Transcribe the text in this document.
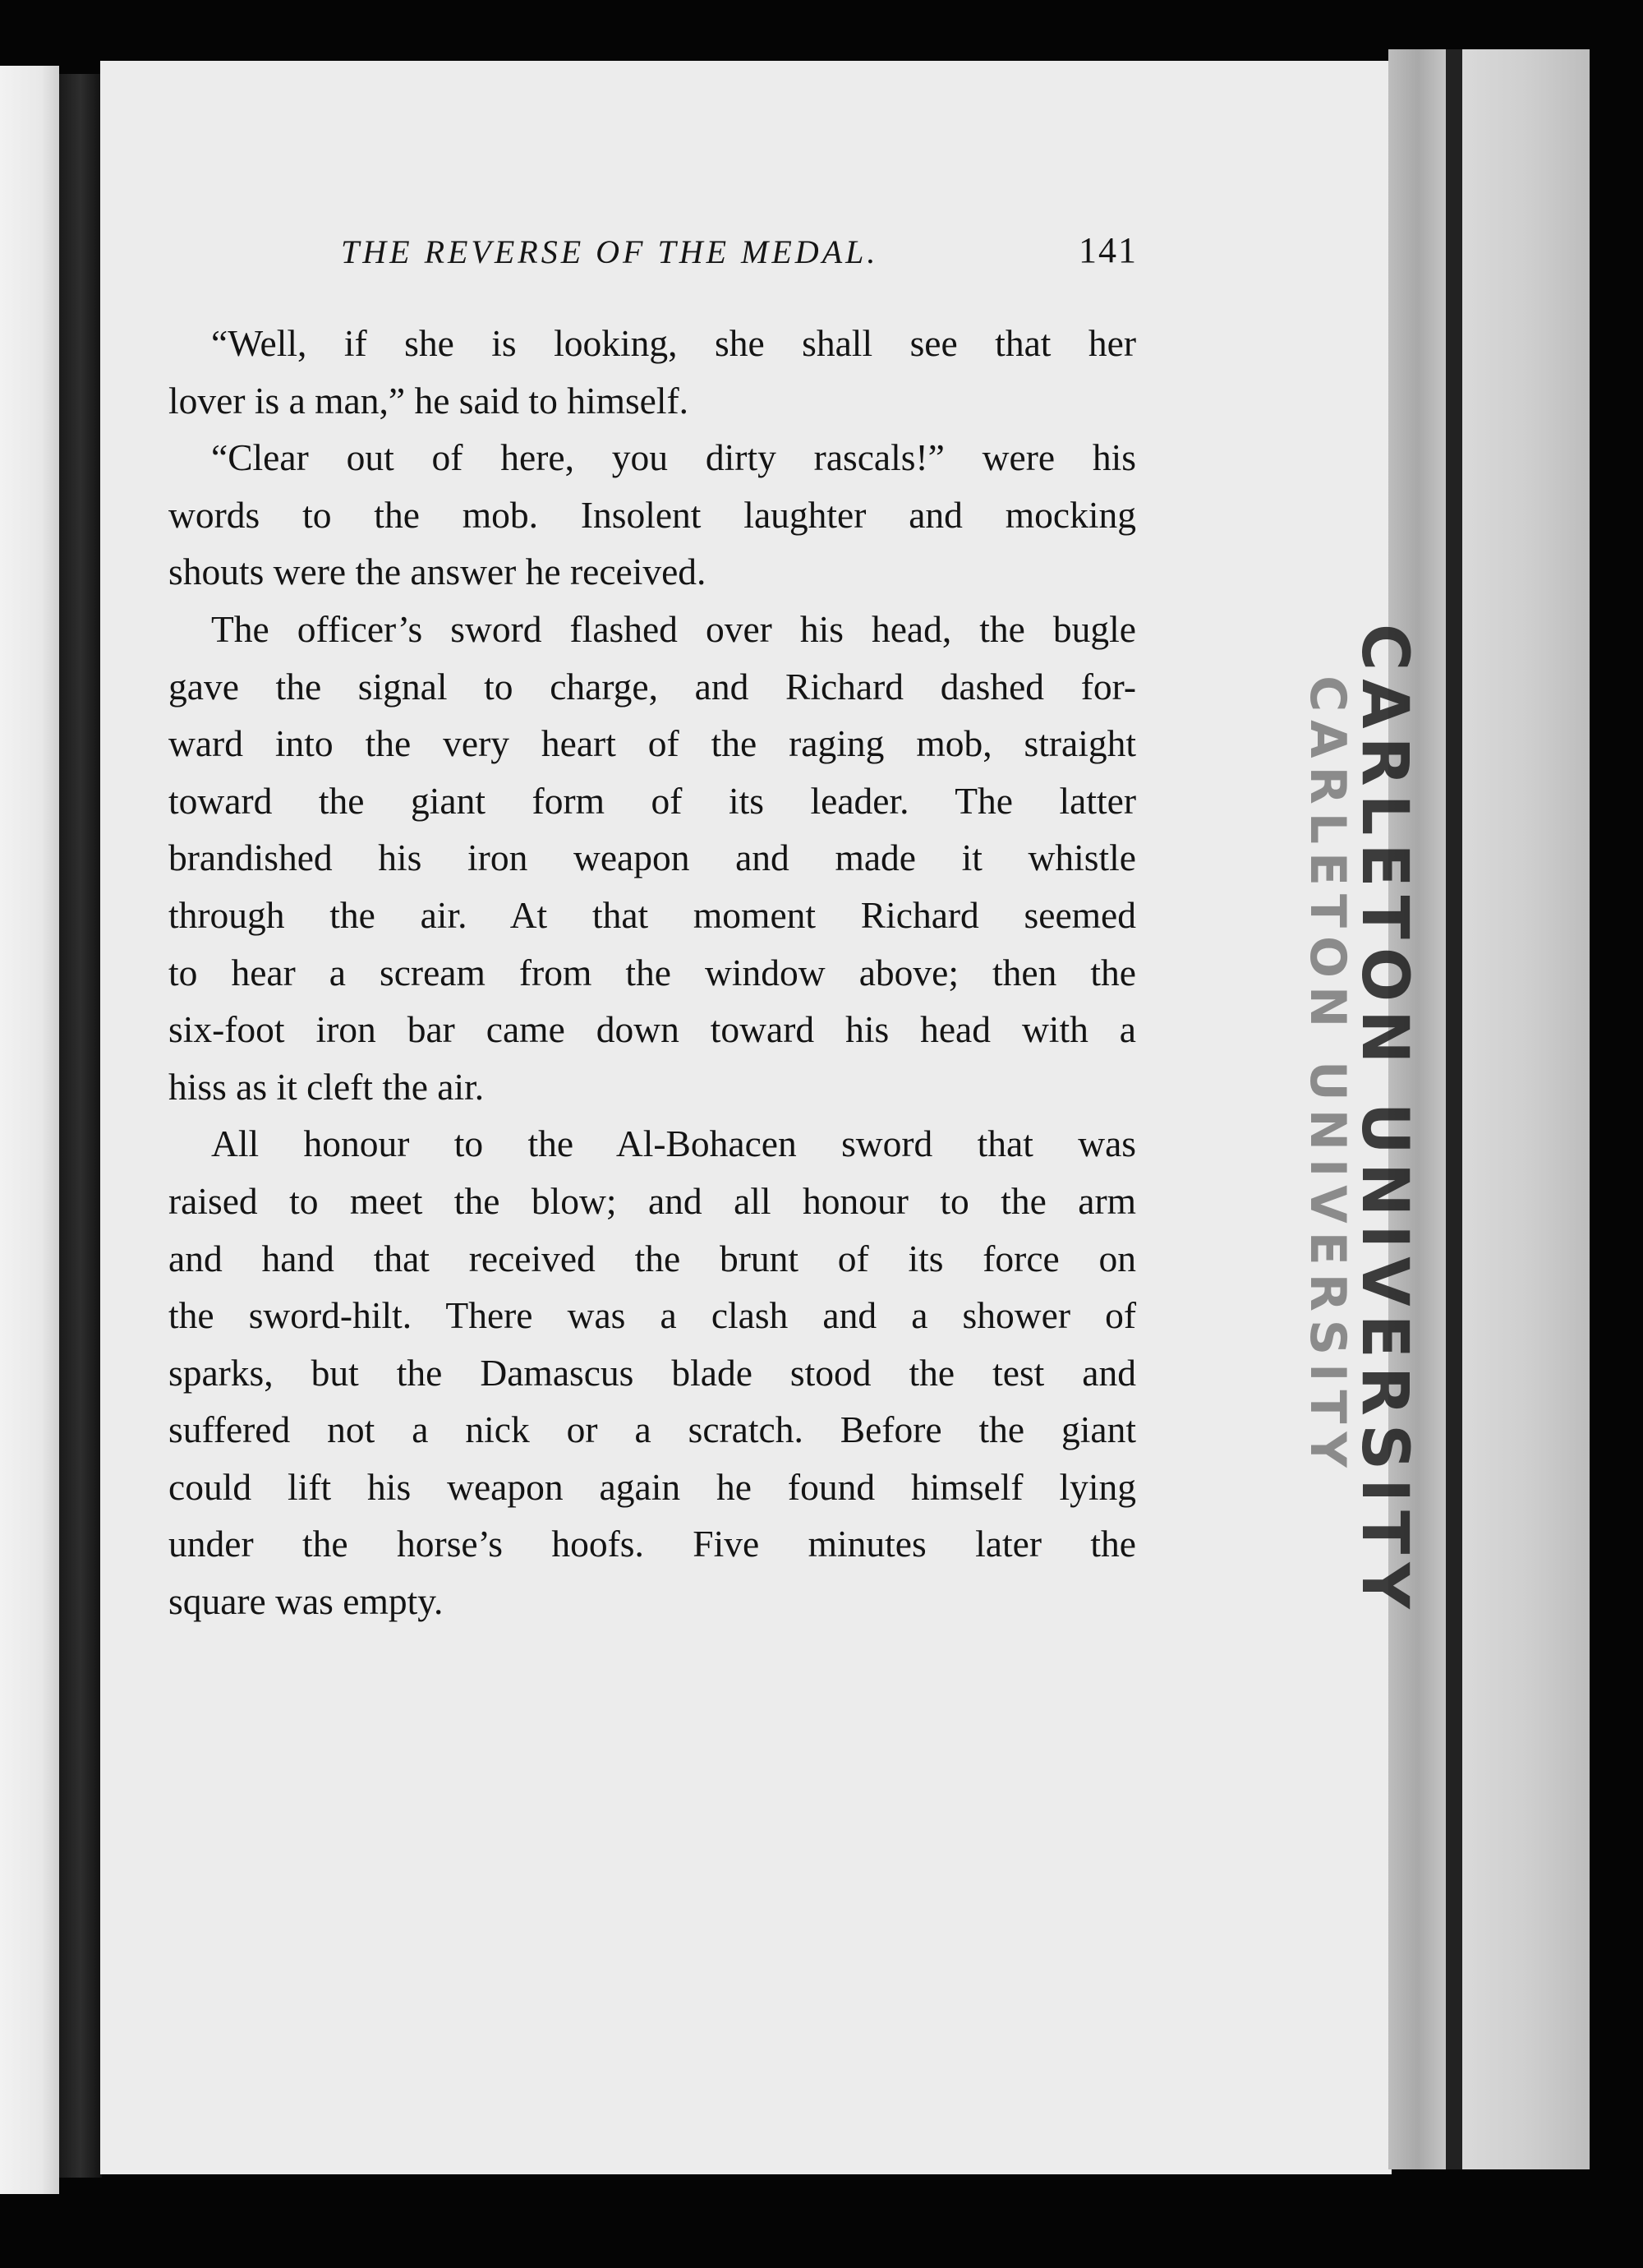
CARLETON UNIVERSITY
CARLETON UNIVERSITY
THE REVERSE OF THE MEDAL.	141
“Well, if she is looking, she shall see that her
lover is a man,” he said to himself.
“Clear out of here, you dirty rascals!” were his
words to the mob. Insolent laughter and mocking
shouts were the answer he received.
The officer’s sword flashed over his head, the bugle
gave the signal to charge, and Richard dashed for-
ward into the very heart of the raging mob, straight
toward the giant form of its leader. The latter
brandished his iron weapon and made it whistle
through the air. At that moment Richard seemed
to hear a scream from the window above; then the
six-foot iron bar came down toward his head with a
hiss as it cleft the air.
All honour to the Al-Bohacen sword that was
raised to meet the blow; and all honour to the arm
and hand that received the brunt of its force on
the sword-hilt. There was a clash and a shower of
sparks, but the Damascus blade stood the test and
suffered not a nick or a scratch. Before the giant
could lift his weapon again he found himself lying
under the horse’s hoofs. Five minutes later the
square was empty.
